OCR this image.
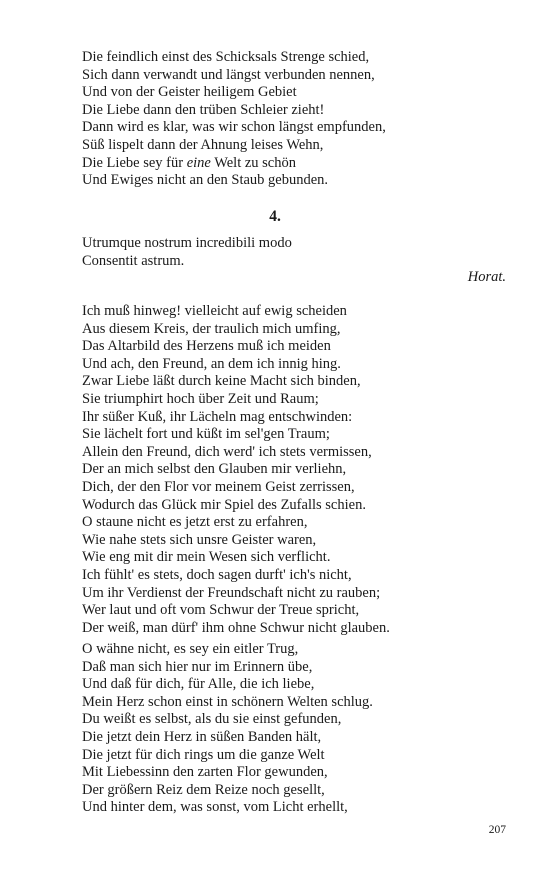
Die feindlich einst des Schicksals Strenge schied,
Sich dann verwandt und längst verbunden nennen,
Und von der Geister heiligem Gebiet
Die Liebe dann den trüben Schleier zieht!
Dann wird es klar, was wir schon längst empfunden,
Süß lispelt dann der Ahnung leises Wehn,
Die Liebe sey für eine Welt zu schön
Und Ewiges nicht an den Staub gebunden.
4.
Utrumque nostrum incredibili modo
Consentit astrum.
Horat.
Ich muß hinweg! vielleicht auf ewig scheiden
Aus diesem Kreis, der traulich mich umfing,
Das Altarbild des Herzens muß ich meiden
Und ach, den Freund, an dem ich innig hing.
Zwar Liebe läßt durch keine Macht sich binden,
Sie triumphirt hoch über Zeit und Raum;
Ihr süßer Kuß, ihr Lächeln mag entschwinden:
Sie lächelt fort und küßt im sel'gen Traum;
Allein den Freund, dich werd' ich stets vermissen,
Der an mich selbst den Glauben mir verliehn,
Dich, der den Flor vor meinem Geist zerrissen,
Wodurch das Glück mir Spiel des Zufalls schien.
O staune nicht es jetzt erst zu erfahren,
Wie nahe stets sich unsre Geister waren,
Wie eng mit dir mein Wesen sich verflicht.
Ich fühlt' es stets, doch sagen durft' ich's nicht,
Um ihr Verdienst der Freundschaft nicht zu rauben;
Wer laut und oft vom Schwur der Treue spricht,
Der weiß, man dürf' ihm ohne Schwur nicht glauben.
O wähne nicht, es sey ein eitler Trug,
Daß man sich hier nur im Erinnern übe,
Und daß für dich, für Alle, die ich liebe,
Mein Herz schon einst in schönern Welten schlug.
Du weißt es selbst, als du sie einst gefunden,
Die jetzt dein Herz in süßen Banden hält,
Die jetzt für dich rings um die ganze Welt
Mit Liebessinn den zarten Flor gewunden,
Der größern Reiz dem Reize noch gesellt,
Und hinter dem, was sonst, vom Licht erhellt,
207
